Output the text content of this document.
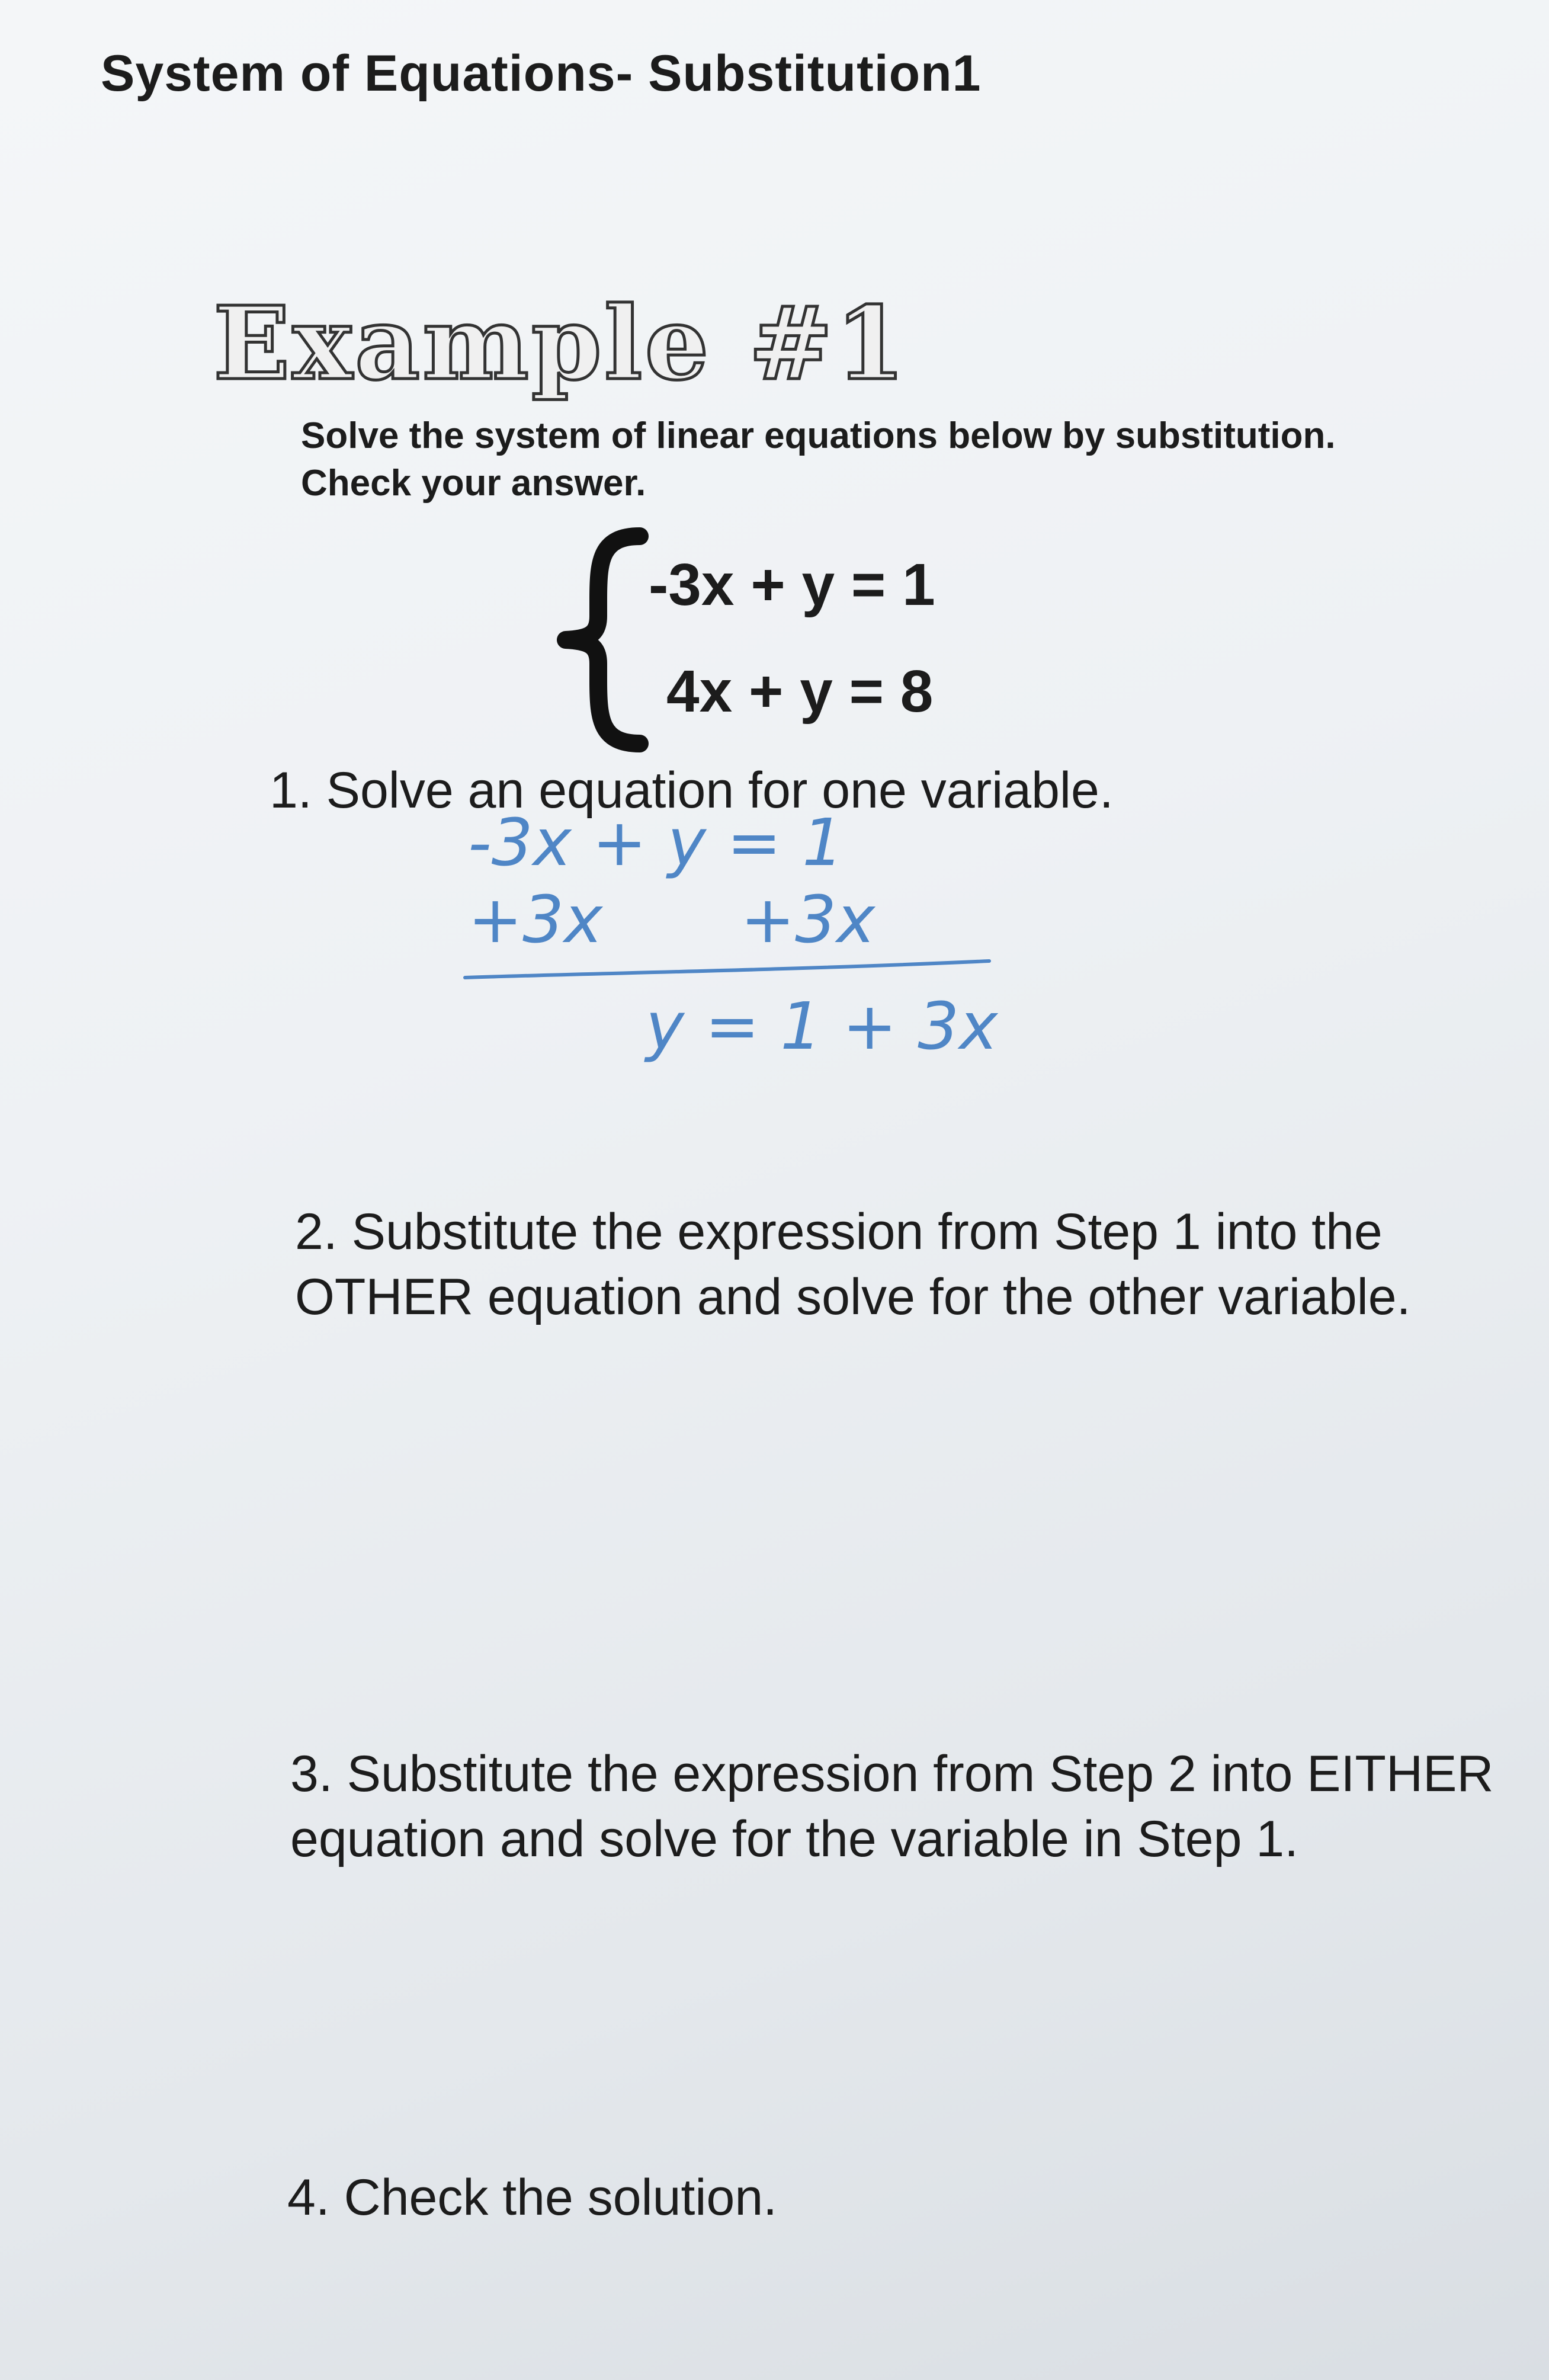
System of Equations- Substitution1
Example #1
Solve the system of linear equations below by substitution.
Check your answer.
-3x + y = 1
4x + y = 8
1. Solve an equation for one variable.
-3x + y = 1
+3x +3x
y = 1 + 3x
2. Substitute the expression from Step 1 into the
OTHER equation and solve for the other variable.
3. Substitute the expression from Step 2 into EITHER
equation and solve for the variable in Step 1.
4. Check the solution.
